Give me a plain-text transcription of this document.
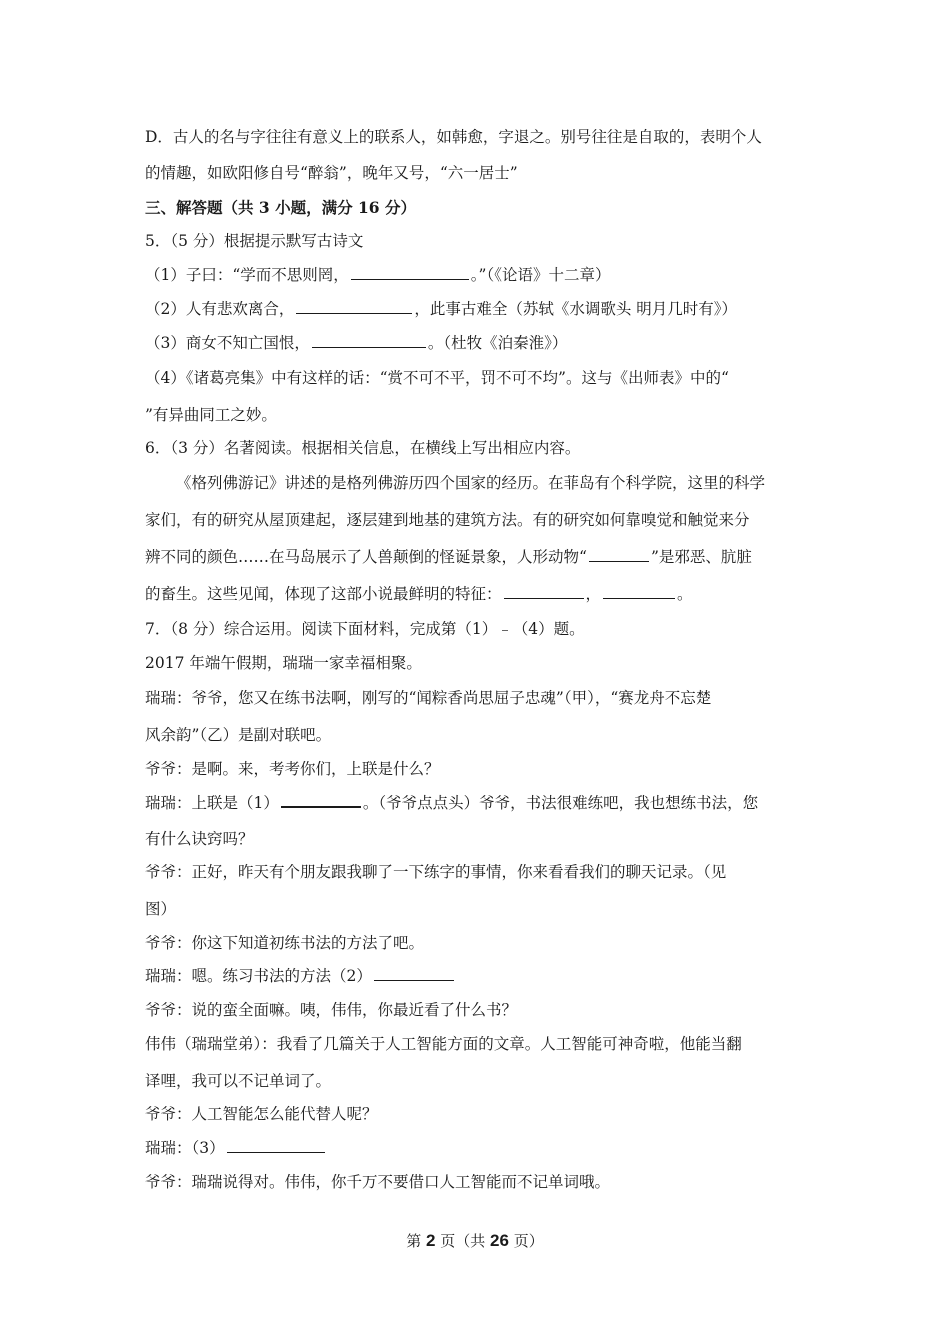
D．古人的名与字往往有意义上的联系人，如韩愈，字退之。别号往往是自取的，表明个人
的情趣，如欧阳修自号“醉翁”，晚年又号，“六一居士”
三、解答题（共 3 小题，满分 16 分）
5．（5 分）根据提示默写古诗文
（1）子曰：“学而不思则罔，	。”（《论语》十二章）
（2）人有悲欢离合，	，此事古难全（苏轼《水调歌头 明月几时有》）
（3）商女不知亡国恨，	。（杜牧《泊秦淮》）
（4）《诸葛亮集》中有这样的话：“赏不可不平，罚不可不均”。这与《出师表》中的“
”有异曲同工之妙。
6．（3 分）名著阅读。根据相关信息，在横线上写出相应内容。
《格列佛游记》讲述的是格列佛游历四个国家的经历。在菲岛有个科学院，这里的科学
家们，有的研究从屋顶建起，逐层建到地基的建筑方法。有的研究如何靠嗅觉和触觉来分
辨不同的颜色……在马岛展示了人兽颠倒的怪诞景象，人形动物“	”是邪恶、肮脏
的畜生。这些见闻，体现了这部小说最鲜明的特征：	，	。
7．（8 分）综合运用。阅读下面材料，完成第（1）﹣（4）题。
2017 年端午假期，瑞瑞一家幸福相聚。
瑞瑞：爷爷，您又在练书法啊，刚写的“闻粽香尚思屈子忠魂”（甲），“赛龙舟不忘楚
风余韵”（乙）是副对联吧。
爷爷：是啊。来，考考你们，上联是什么？
瑞瑞：上联是（1）	。（爷爷点点头）爷爷，书法很难练吧，我也想练书法，您
有什么诀窍吗？
爷爷：正好，昨天有个朋友跟我聊了一下练字的事情，你来看看我们的聊天记录。（见
图）
爷爷：你这下知道初练书法的方法了吧。
瑞瑞：嗯。练习书法的方法（2）
爷爷：说的蛮全面嘛。咦，伟伟，你最近看了什么书？
伟伟（瑞瑞堂弟）：我看了几篇关于人工智能方面的文章。人工智能可神奇啦，他能当翻
译哩，我可以不记单词了。
爷爷：人工智能怎么能代替人呢？
瑞瑞：（3）
爷爷：瑞瑞说得对。伟伟，你千万不要借口人工智能而不记单词哦。
第 2 页（共 26 页）
